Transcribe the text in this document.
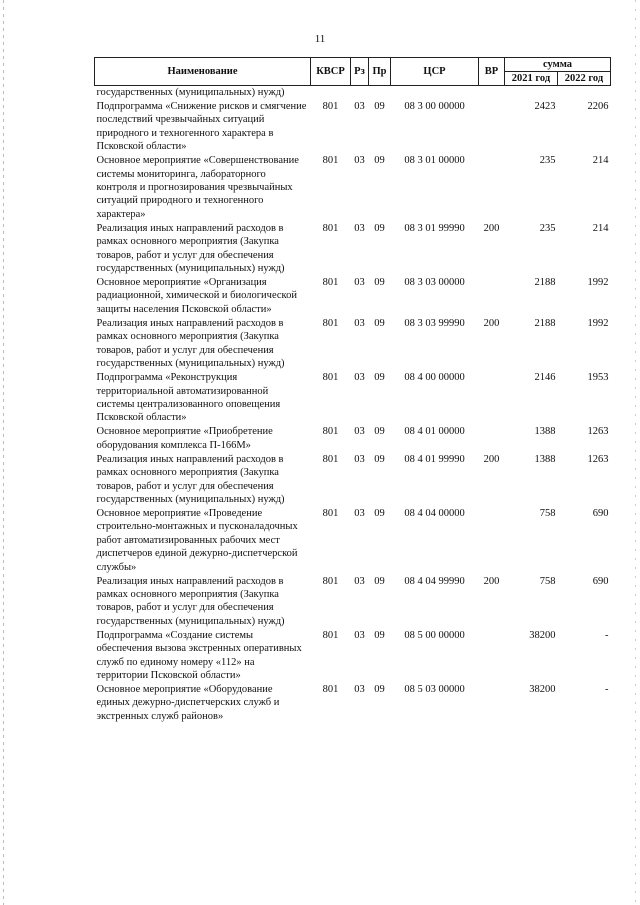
11
Наименование	КВСР	Рз	Пр	ЦСР	ВР	сумма	
						2021 год	2022 год
государственных (муниципальных) нужд)							
Подпрограмма «Снижение рисков и смягчение последствий чрезвычайных ситуаций природного и техногенного характера в Псковской области»	801	03	09	08 3 00 00000		2423	2206
Основное мероприятие «Совершенствование системы мониторинга, лабораторного контроля и прогнозирования чрезвычайных ситуаций природного и техногенного характера»	801	03	09	08 3 01 00000		235	214
Реализация иных направлений расходов в рамках основного мероприятия (Закупка товаров, работ и услуг для обеспечения государственных (муниципальных) нужд)	801	03	09	08 3 01 99990	200	235	214
Основное мероприятие «Организация радиационной, химической и биологической защиты населения Псковской области»	801	03	09	08 3 03 00000		2188	1992
Реализация иных направлений расходов в рамках основного мероприятия (Закупка товаров, работ и услуг для обеспечения государственных (муниципальных) нужд)	801	03	09	08 3 03 99990	200	2188	1992
Подпрограмма «Реконструкция территориальной автоматизированной системы централизованного оповещения Псковской области»	801	03	09	08 4 00 00000		2146	1953
Основное мероприятие «Приобретение оборудования комплекса П-166М»	801	03	09	08 4 01 00000		1388	1263
Реализация иных направлений расходов в рамках основного мероприятия (Закупка товаров, работ и услуг для обеспечения государственных (муниципальных) нужд)	801	03	09	08 4 01 99990	200	1388	1263
Основное мероприятие «Проведение строительно-монтажных и пусконаладочных работ автоматизированных рабочих мест диспетчеров единой дежурно-диспетчерской службы»	801	03	09	08 4 04 00000		758	690
Реализация иных направлений расходов в рамках основного мероприятия (Закупка товаров, работ и услуг для обеспечения государственных (муниципальных) нужд)	801	03	09	08 4 04 99990	200	758	690
Подпрограмма «Создание системы обеспечения вызова экстренных оперативных служб по единому номеру «112» на территории Псковской области»	801	03	09	08 5 00 00000		38200	-
Основное мероприятие «Оборудование единых дежурно-диспетчерских служб и экстренных служб районов»	801	03	09	08 5 03 00000		38200	-
